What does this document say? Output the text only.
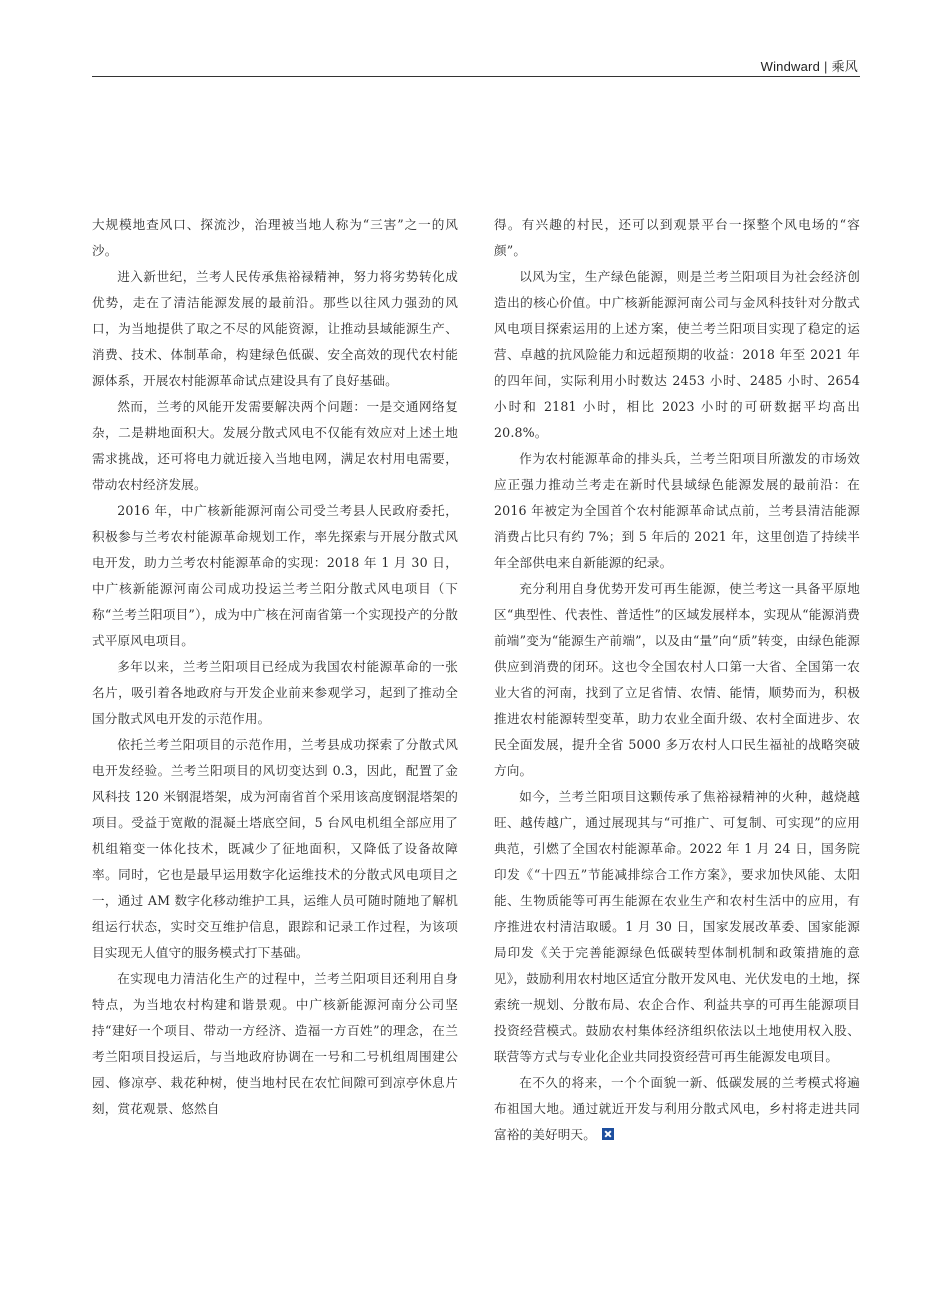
Windward | 乘风

大规模地查风口、探流沙，治理被当地人称为“三害”之一的风沙。

进入新世纪，兰考人民传承焦裕禄精神，努力将劣势转化成优势，走在了清洁能源发展的最前沿。那些以往风力强劲的风口，为当地提供了取之不尽的风能资源，让推动县域能源生产、消费、技术、体制革命，构建绿色低碳、安全高效的现代农村能源体系，开展农村能源革命试点建设具有了良好基础。

然而，兰考的风能开发需要解决两个问题：一是交通网络复杂，二是耕地面积大。发展分散式风电不仅能有效应对上述土地需求挑战，还可将电力就近接入当地电网，满足农村用电需要，带动农村经济发展。

2016 年，中广核新能源河南公司受兰考县人民政府委托，积极参与兰考农村能源革命规划工作，率先探索与开展分散式风电开发，助力兰考农村能源革命的实现：2018 年 1 月 30 日，中广核新能源河南公司成功投运兰考兰阳分散式风电项目（下称“兰考兰阳项目”），成为中广核在河南省第一个实现投产的分散式平原风电项目。

多年以来，兰考兰阳项目已经成为我国农村能源革命的一张名片，吸引着各地政府与开发企业前来参观学习，起到了推动全国分散式风电开发的示范作用。

依托兰考兰阳项目的示范作用，兰考县成功探索了分散式风电开发经验。兰考兰阳项目的风切变达到 0.3，因此，配置了金风科技 120 米钢混塔架，成为河南省首个采用该高度钢混塔架的项目。受益于宽敞的混凝土塔底空间，5 台风电机组全部应用了机组箱变一体化技术，既减少了征地面积，又降低了设备故障率。同时，它也是最早运用数字化运维技术的分散式风电项目之一，通过 AM 数字化移动维护工具，运维人员可随时随地了解机组运行状态，实时交互维护信息，跟踪和记录工作过程，为该项目实现无人值守的服务模式打下基础。

在实现电力清洁化生产的过程中，兰考兰阳项目还利用自身特点，为当地农村构建和谐景观。中广核新能源河南分公司坚持“建好一个项目、带动一方经济、造福一方百姓”的理念，在兰考兰阳项目投运后，与当地政府协调在一号和二号机组周围建公园、修凉亭、栽花种树，使当地村民在农忙间隙可到凉亭休息片刻，赏花观景、悠然自

得。有兴趣的村民，还可以到观景平台一探整个风电场的“容颜”。

以风为宝，生产绿色能源，则是兰考兰阳项目为社会经济创造出的核心价值。中广核新能源河南公司与金风科技针对分散式风电项目探索运用的上述方案，使兰考兰阳项目实现了稳定的运营、卓越的抗风险能力和远超预期的收益：2018 年至 2021 年的四年间，实际利用小时数达 2453 小时、2485 小时、2654 小时和 2181 小时，相比 2023 小时的可研数据平均高出 20.8%。

作为农村能源革命的排头兵，兰考兰阳项目所激发的市场效应正强力推动兰考走在新时代县域绿色能源发展的最前沿：在 2016 年被定为全国首个农村能源革命试点前，兰考县清洁能源消费占比只有约 7%；到 5 年后的 2021 年，这里创造了持续半年全部供电来自新能源的纪录。

充分利用自身优势开发可再生能源，使兰考这一具备平原地区“典型性、代表性、普适性”的区域发展样本，实现从“能源消费前端”变为“能源生产前端”，以及由“量”向“质”转变，由绿色能源供应到消费的闭环。这也令全国农村人口第一大省、全国第一农业大省的河南，找到了立足省情、农情、能情，顺势而为，积极推进农村能源转型变革，助力农业全面升级、农村全面进步、农民全面发展，提升全省 5000 多万农村人口民生福祉的战略突破方向。

如今，兰考兰阳项目这颗传承了焦裕禄精神的火种，越烧越旺、越传越广，通过展现其与“可推广、可复制、可实现”的应用典范，引燃了全国农村能源革命。2022 年 1 月 24 日，国务院印发《“十四五”节能减排综合工作方案》，要求加快风能、太阳能、生物质能等可再生能源在农业生产和农村生活中的应用，有序推进农村清洁取暖。1 月 30 日，国家发展改革委、国家能源局印发《关于完善能源绿色低碳转型体制机制和政策措施的意见》，鼓励利用农村地区适宜分散开发风电、光伏发电的土地，探索统一规划、分散布局、农企合作、利益共享的可再生能源项目投资经营模式。鼓励农村集体经济组织依法以土地使用权入股、联营等方式与专业化企业共同投资经营可再生能源发电项目。

在不久的将来，一个个面貌一新、低碳发展的兰考模式将遍布祖国大地。通过就近开发与利用分散式风电，乡村将走进共同富裕的美好明天。
